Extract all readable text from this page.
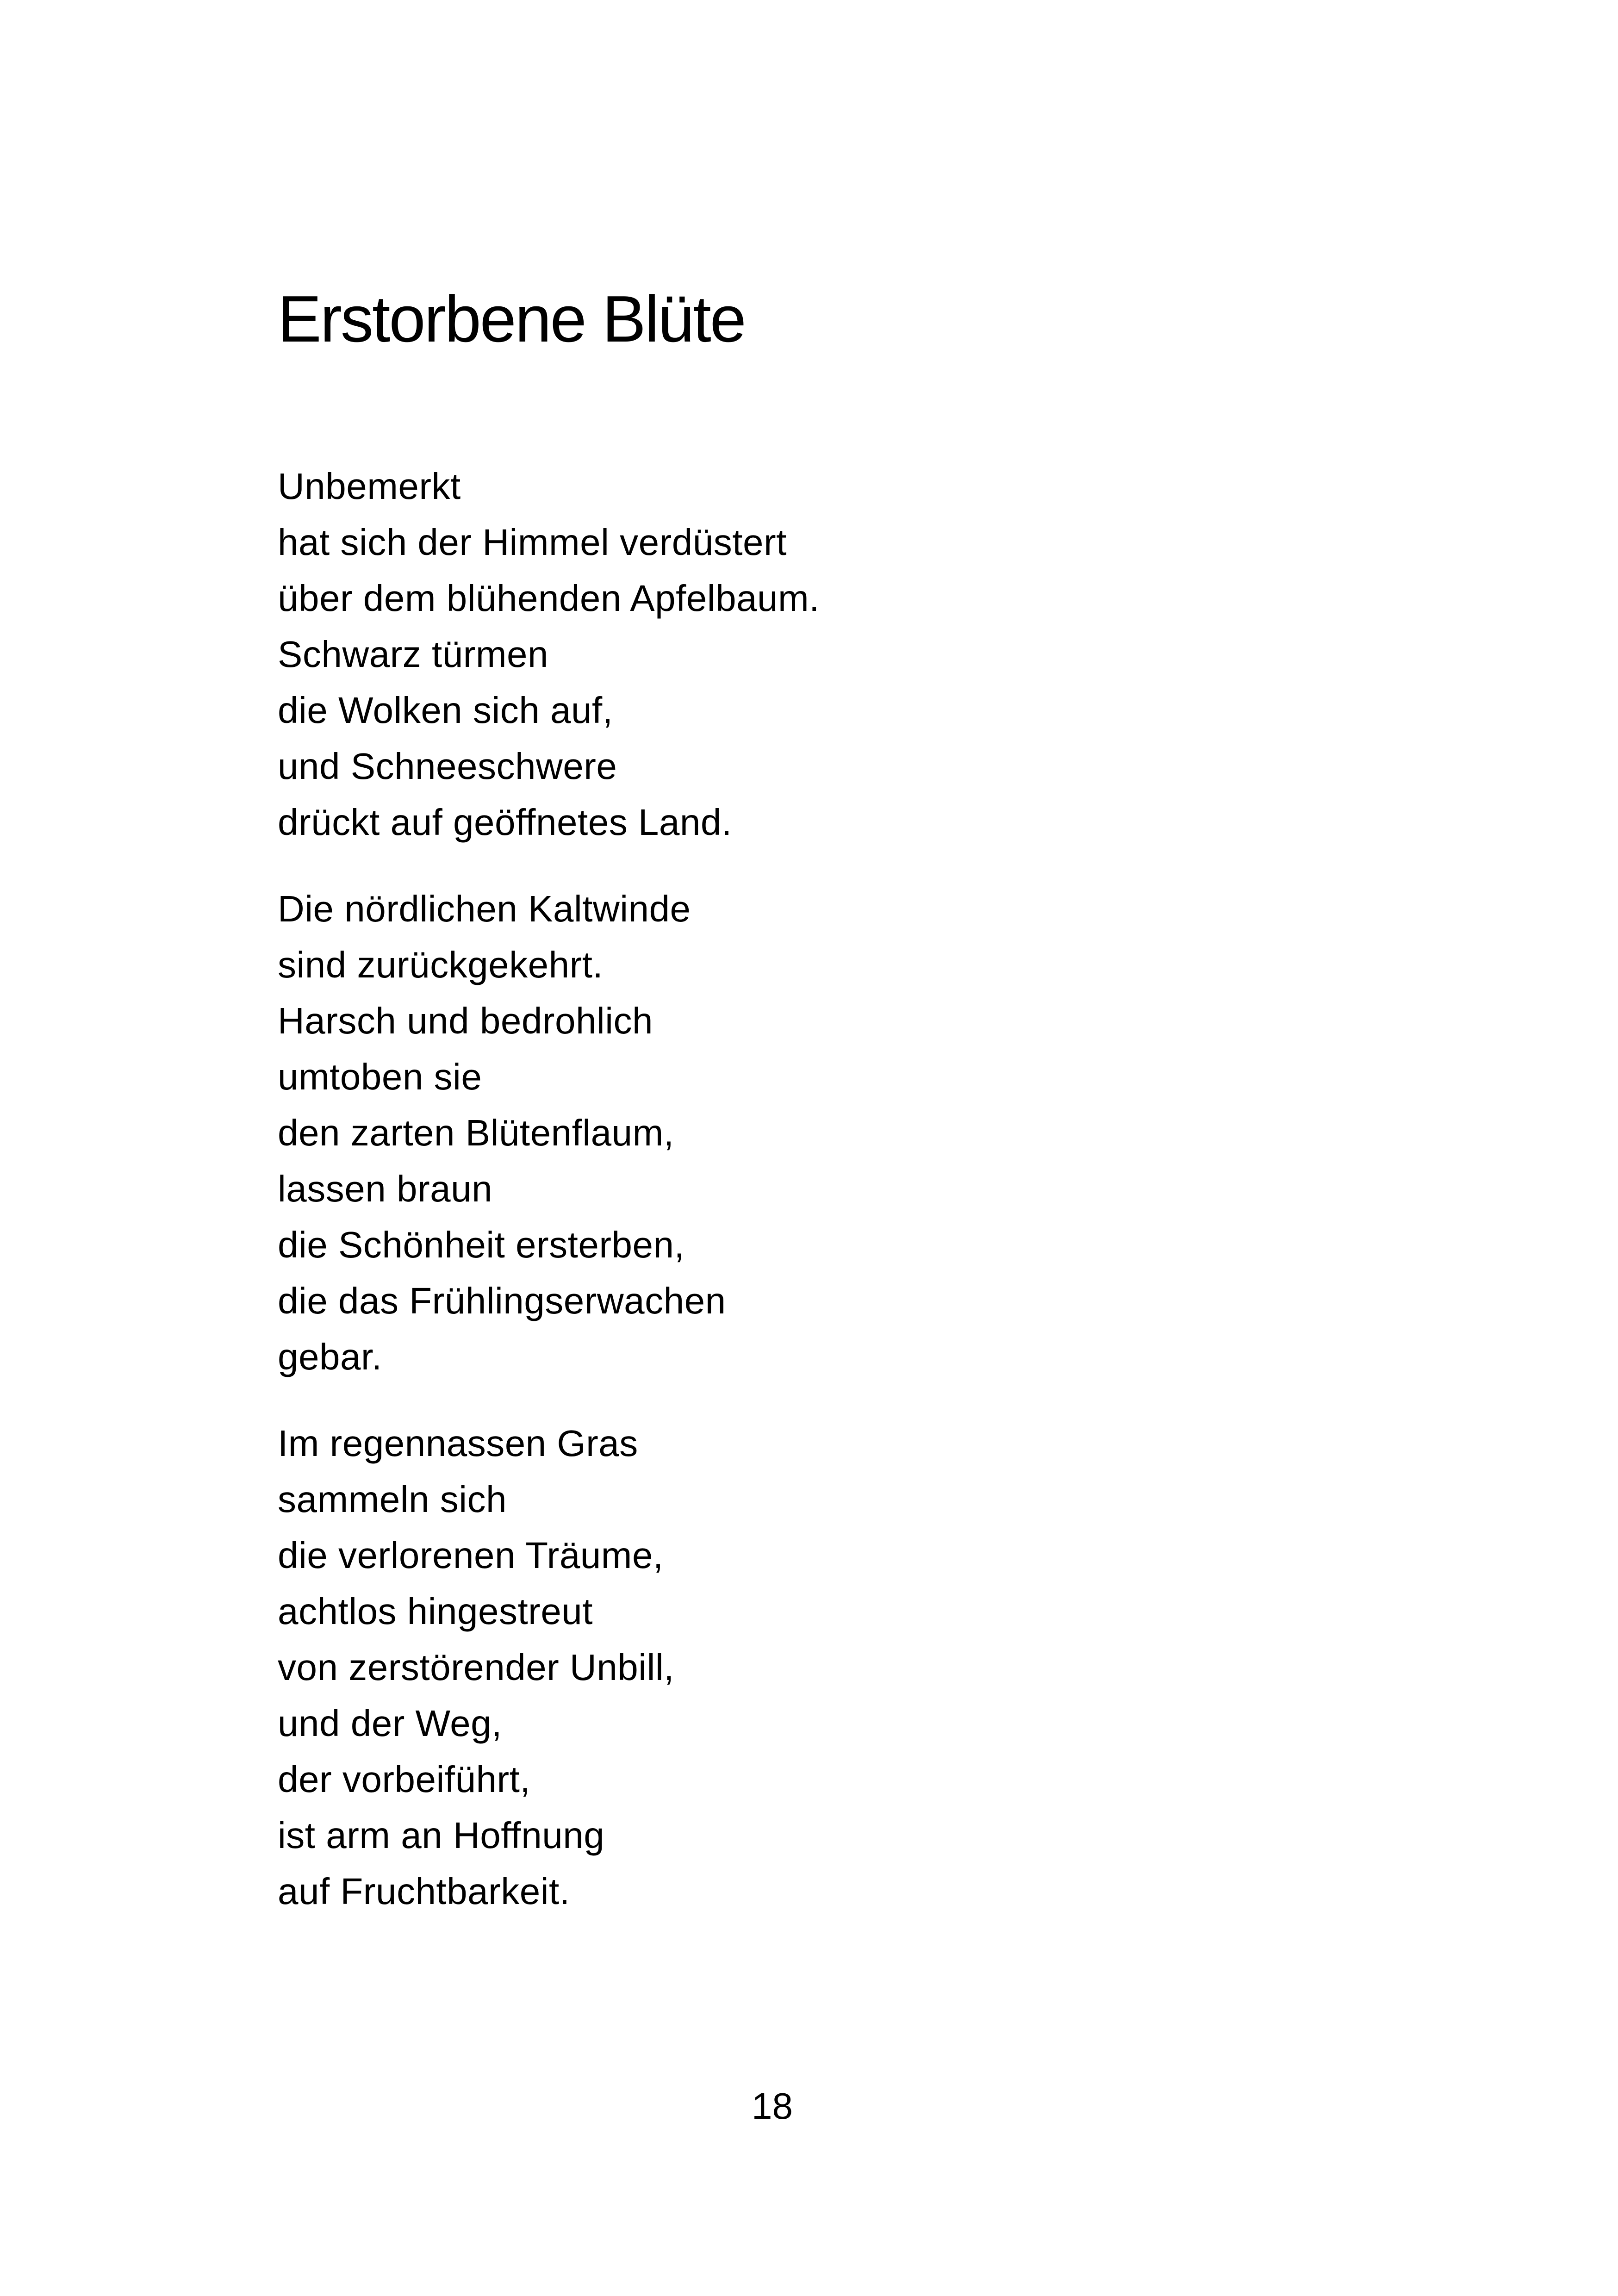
Erstorbene Blüte

Unbemerkt
hat sich der Himmel verdüstert
über dem blühenden Apfelbaum.
Schwarz türmen
die Wolken sich auf,
und Schneeschwere
drückt auf geöffnetes Land.

Die nördlichen Kaltwinde
sind zurückgekehrt.
Harsch und bedrohlich
umtoben sie
den zarten Blütenflaum,
lassen braun
die Schönheit ersterben,
die das Frühlingserwachen
gebar.

Im regennassen Gras
sammeln sich
die verlorenen Träume,
achtlos hingestreut
von zerstörender Unbill,
und der Weg,
der vorbeiführt,
ist arm an Hoffnung
auf Fruchtbarkeit.

18
